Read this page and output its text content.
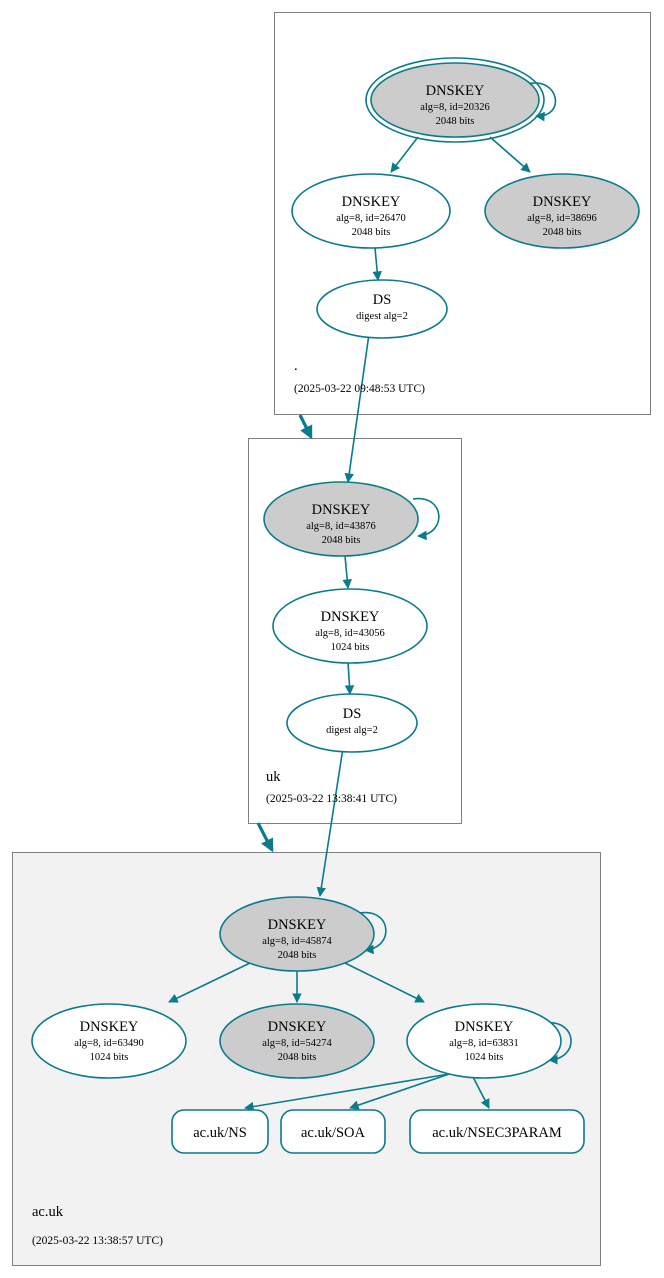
DNSKEY
alg=8, id=20326
2048 bits
DNSKEY
alg=8, id=26470
2048 bits
DNSKEY
alg=8, id=38696
2048 bits
DS
digest alg=2
.
(2025-03-22 09:48:53 UTC)
DNSKEY
alg=8, id=43876
2048 bits
DNSKEY
alg=8, id=43056
1024 bits
DS
digest alg=2
uk
(2025-03-22 13:38:41 UTC)
DNSKEY
alg=8, id=45874
2048 bits
DNSKEY
alg=8, id=63490
1024 bits
DNSKEY
alg=8, id=54274
2048 bits
DNSKEY
alg=8, id=63831
1024 bits
ac.uk/NS	ac.uk/SOA	ac.uk/NSEC3PARAM
ac.uk
(2025-03-22 13:38:57 UTC)
